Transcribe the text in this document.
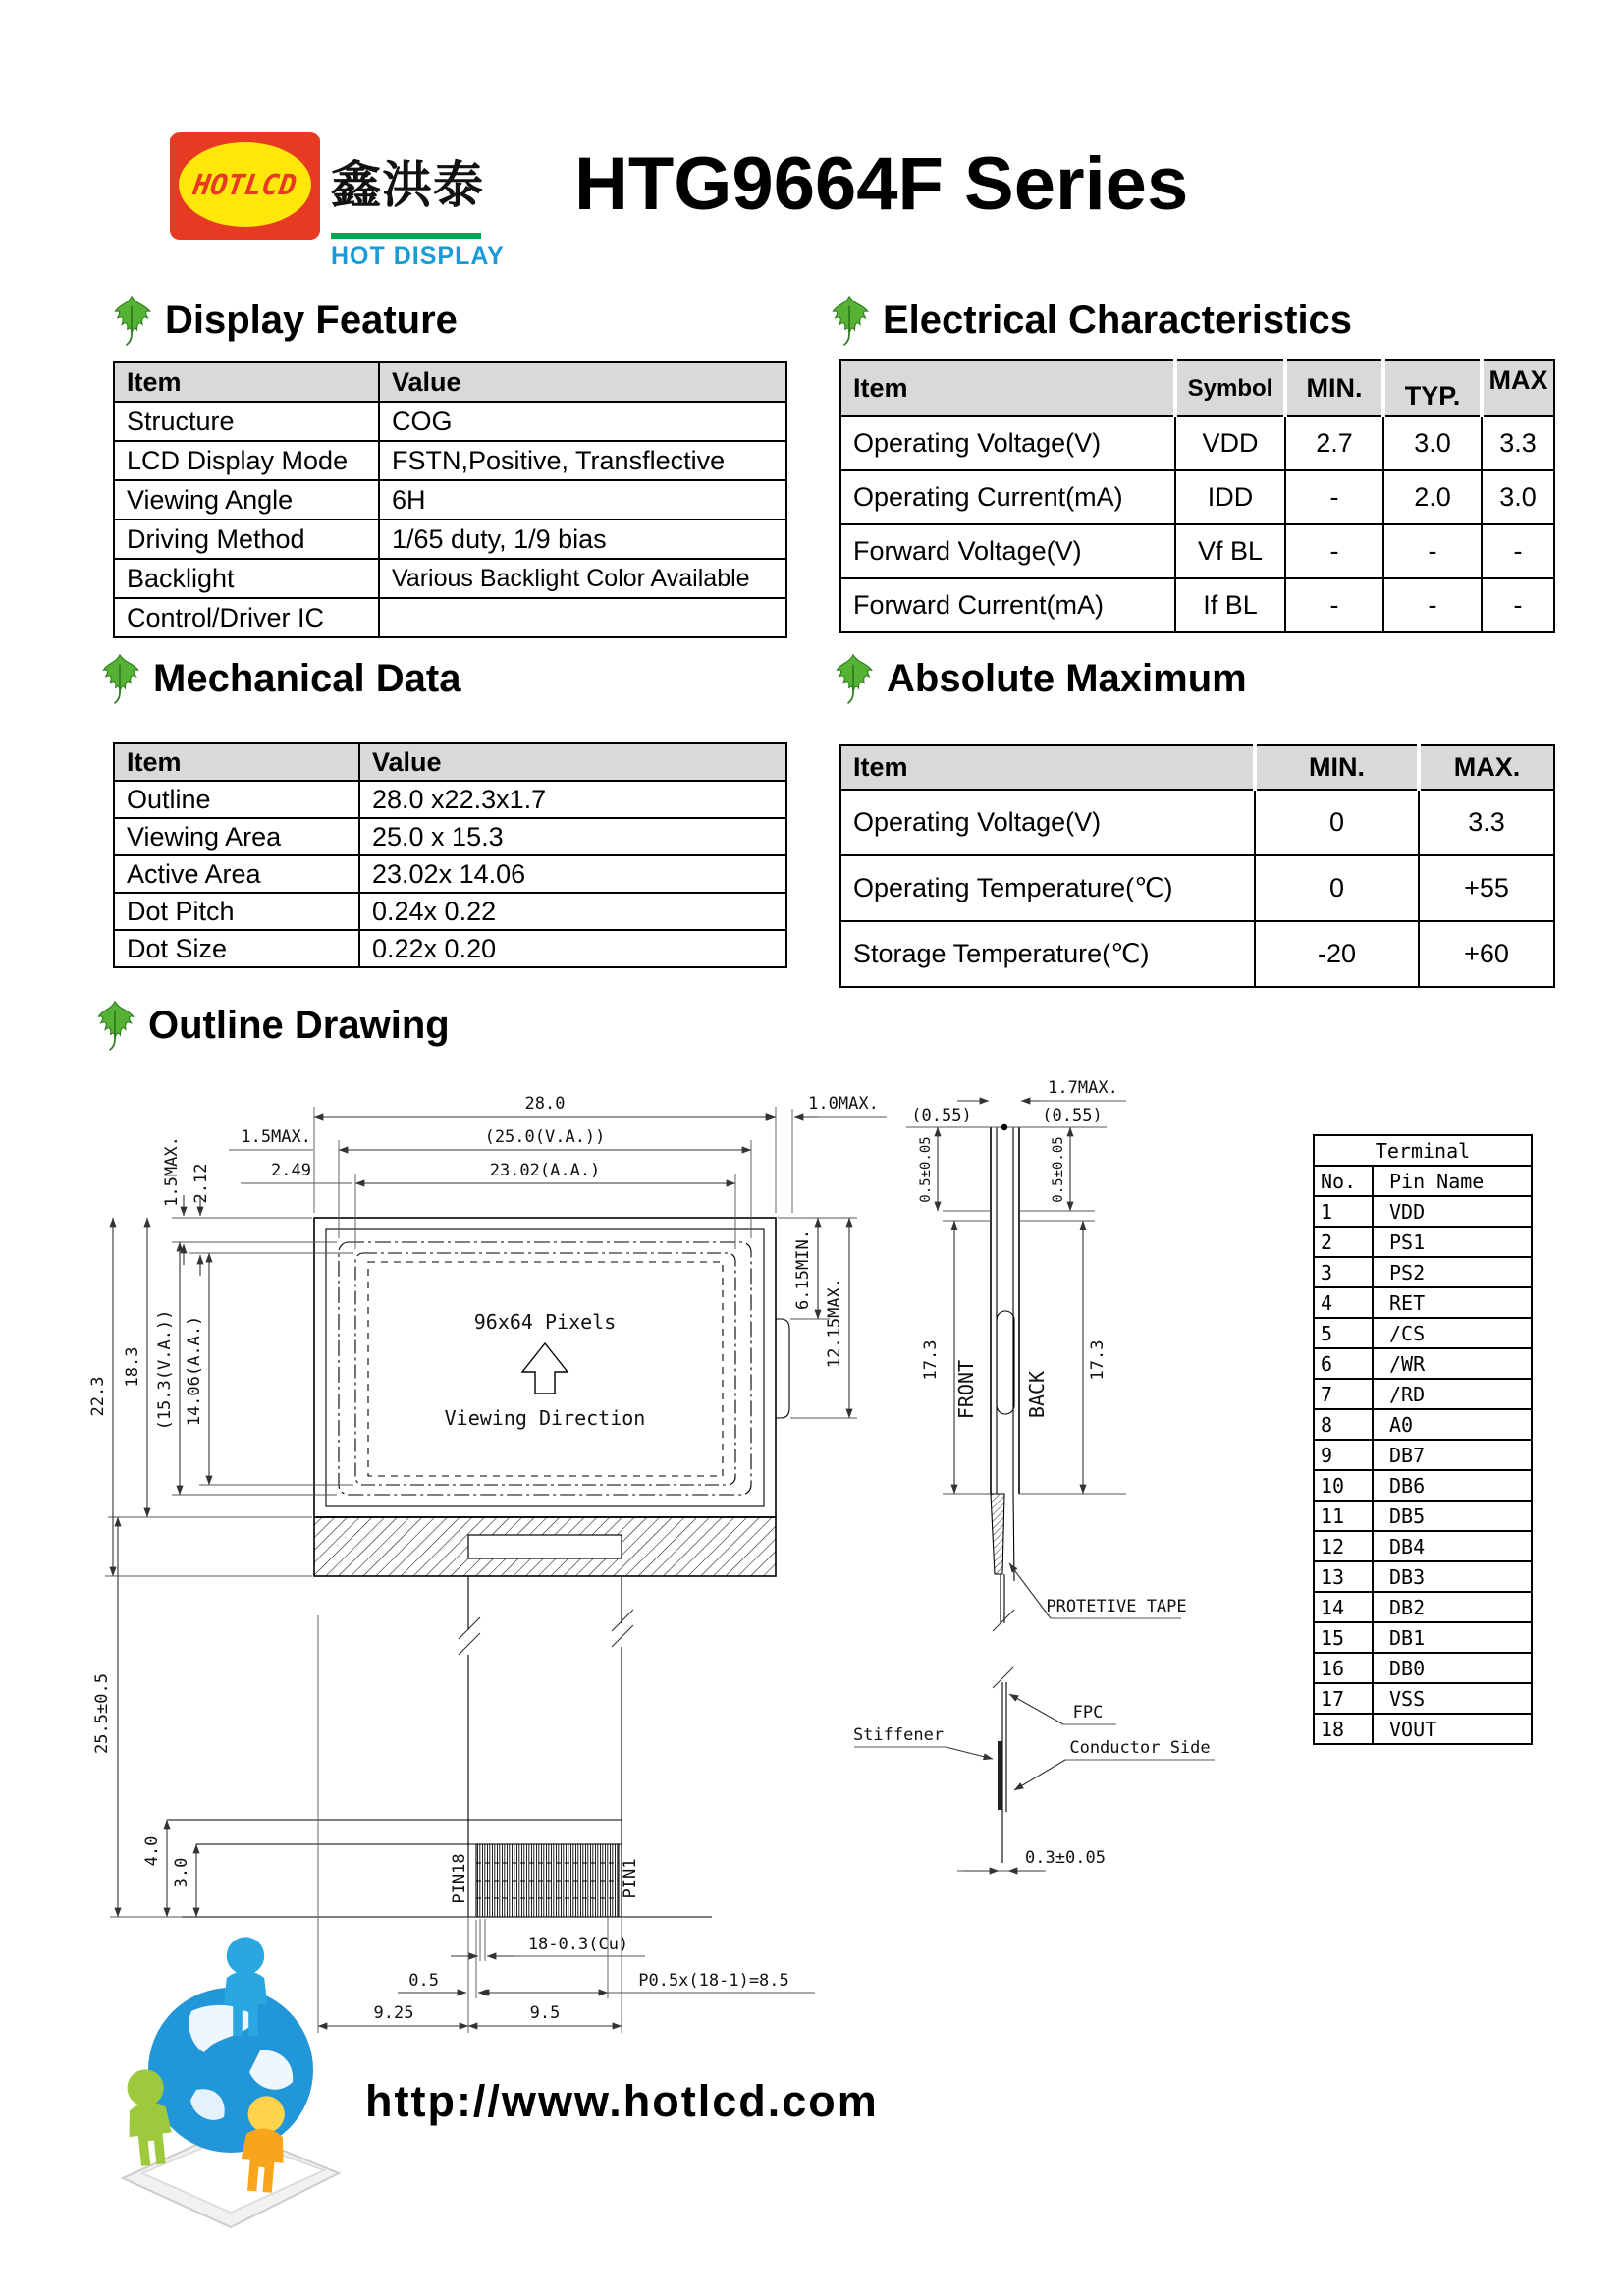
HOTLCD 鑫洪泰
HOT DISPLAY
HTG9664F Series
Display Feature	Electrical Characteristics
Mechanical Data	Absolute Maximum
Outline Drawing
Item	Value
Structure	COG
LCD Display Mode	FSTN,Positive, Transflective
Viewing Angle	6H
Driving Method	1/65 duty, 1/9 bias
Backlight	Various Backlight Color Available
Control/Driver IC	
Item	Symbol	MIN.	TYP.	MAX
Operating Voltage(V)	VDD	2.7	3.0	3.3
Operating Current(mA)	IDD	-	2.0	3.0
Forward Voltage(V)	Vf BL	-	-	-
Forward Current(mA)	If BL	-	-	-
Item	Value
Outline	28.0 x22.3x1.7
Viewing Area	25.0 x 15.3
Active Area	23.02x 14.06
Dot Pitch	0.24x 0.22
Dot Size	0.22x 0.20
Item	MIN.	MAX.
Operating Voltage(V)	0	3.3
Operating Temperature(℃)	0	+55
Storage Temperature(℃)	-20	+60
96x64 Pixels
Viewing Direction
PIN18	PIN1
28.0	1.0MAX.
(25.0(V.A.))
1.5MAX.
23.02(A.A.)
2.49
1.5MAX. 2.12
22.3
18.3 (15.3(V.A.)) 14.06(A.A.)
6.15MIN.
12.15MAX.
25.5±0.5
4.0
3.0
18-0.3(Cu)
0.5	P0.5x(18-1)=8.5
9.25	9.5
1.7MAX.
(0.55)	(0.55)
0.5±0.05	0.5±0.05
17.3	17.3
FRONT BACK
PROTETIVE TAPE
FPC
Stiffener
Conductor Side
0.3±0.05
Terminal	
No.	Pin Name
1	VDD
2	PS1
3	PS2
4	RET
5	/CS
6	/WR
7	/RD
8	A0
9	DB7
10	DB6
11	DB5
12	DB4
13	DB3
14	DB2
15	DB1
16	DB0
17	VSS
18	VOUT
http://www.hotlcd.com
